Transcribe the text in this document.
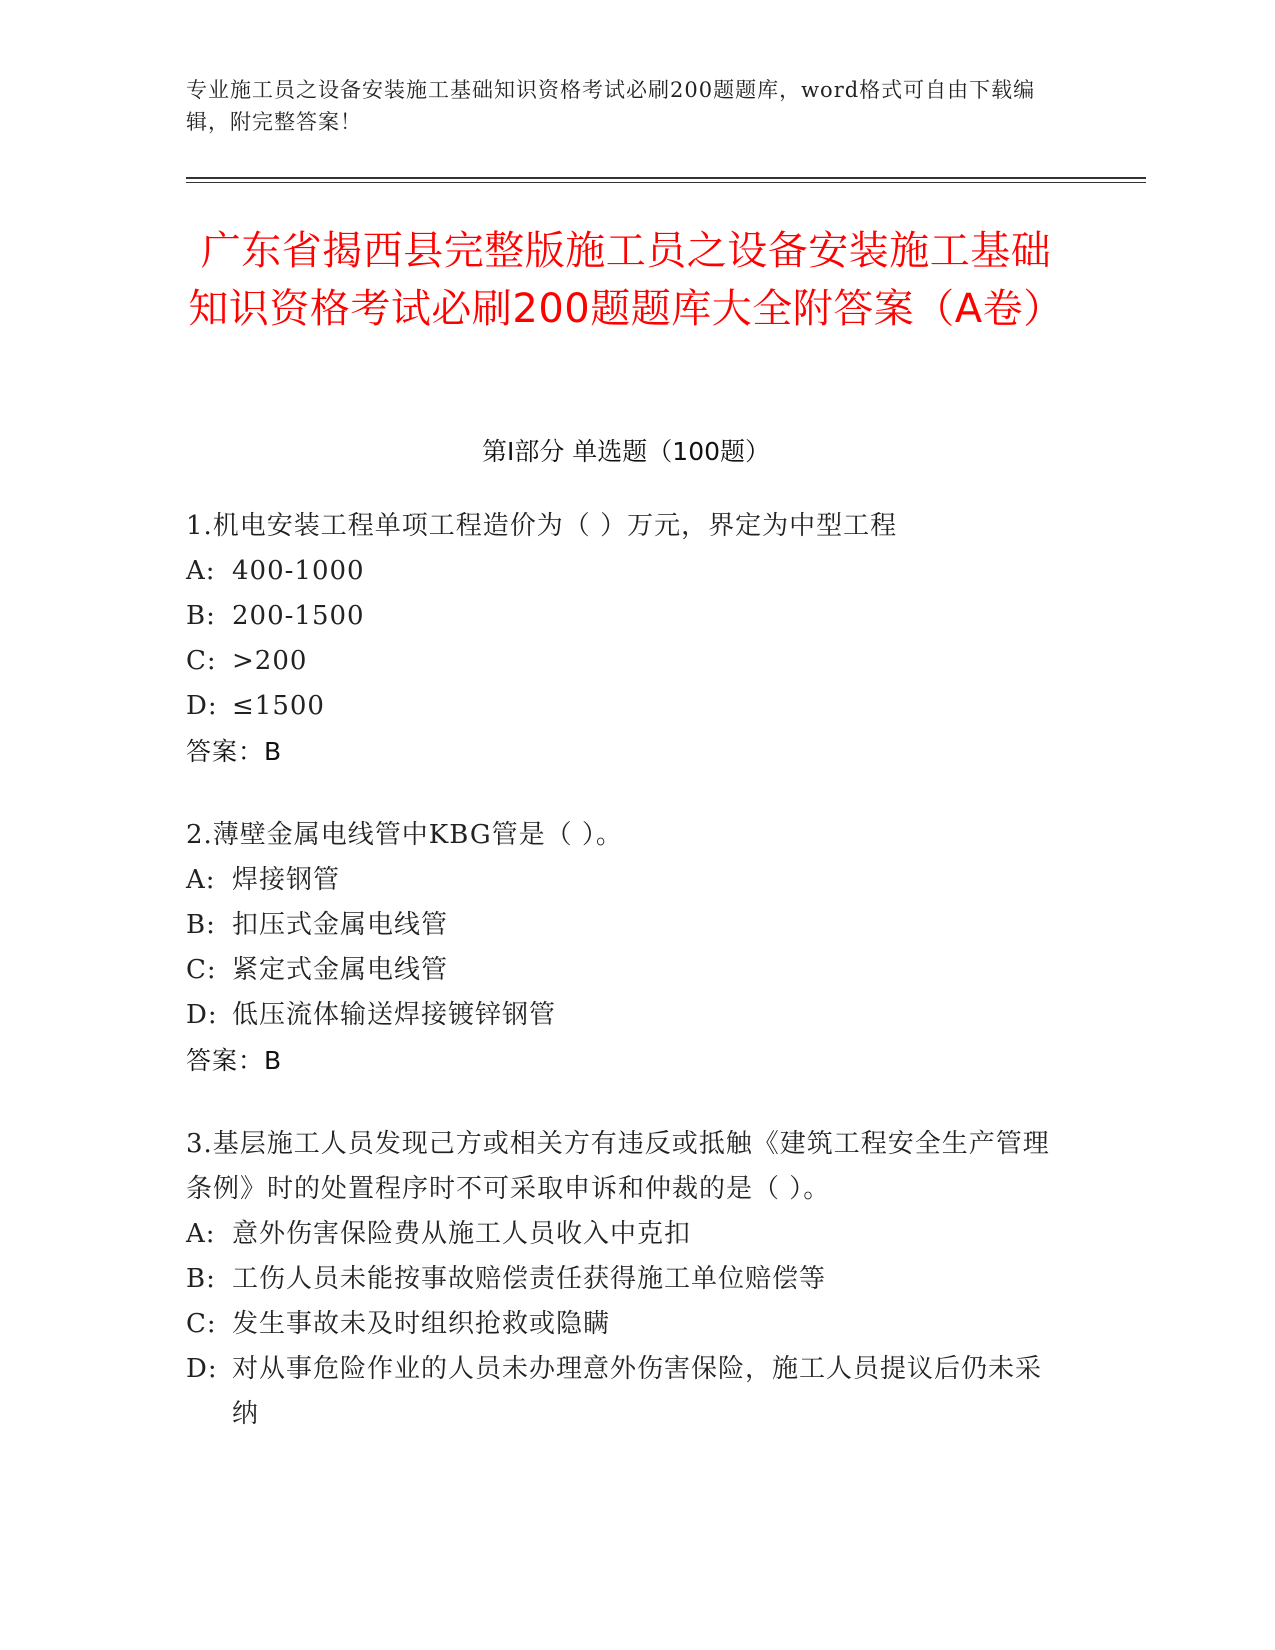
专业施工员之设备安装施工基础知识资格考试必刷200题题库，word格式可自由下载编辑，附完整答案！
广东省揭西县完整版施工员之设备安装施工基础知识资格考试必刷200题题库大全附答案（A卷）
第Ⅰ部分 单选题（100题）
1.机电安装工程单项工程造价为（ ）万元，界定为中型工程
A: 400-1000
B: 200-1500
C: >200
D: ≤1500
答案：B
2.薄壁金属电线管中KBG管是（ ）。
A: 焊接钢管
B: 扣压式金属电线管
C: 紧定式金属电线管
D: 低压流体输送焊接镀锌钢管
答案：B
3.基层施工人员发现己方或相关方有违反或抵触《建筑工程安全生产管理条例》时的处置程序时不可采取申诉和仲裁的是（ ）。
A: 意外伤害保险费从施工人员收入中克扣
B: 工伤人员未能按事故赔偿责任获得施工单位赔偿等
C: 发生事故未及时组织抢救或隐瞒
D: 对从事危险作业的人员未办理意外伤害保险，施工人员提议后仍未采纳
